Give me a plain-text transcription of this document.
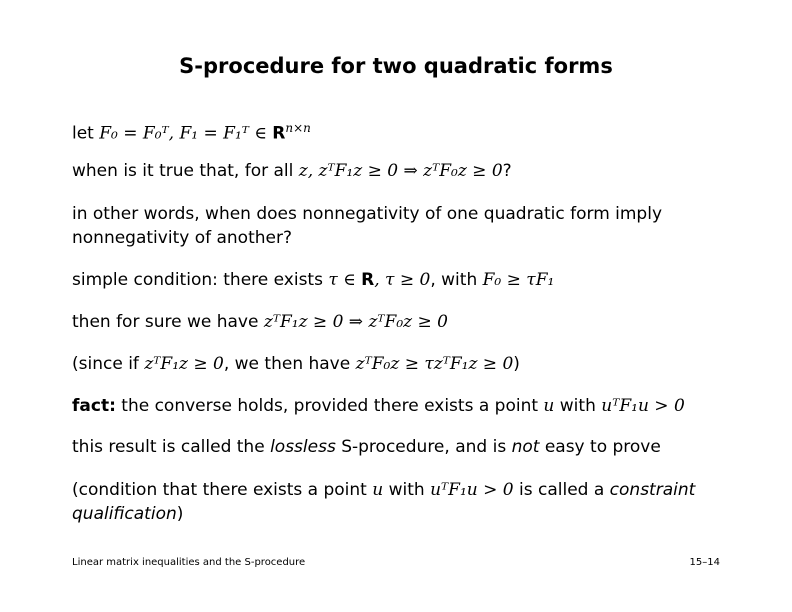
S-procedure for two quadratic forms
let F₀ = F₀ᵀ, F₁ = F₁ᵀ ∈ $R^{n\times n}$
when is it true that, for all z, zᵀF₁z ≥ 0 ⇒ zᵀF₀z ≥ 0?
in other words, when does nonnegativity of one quadratic form imply nonnegativity of another?
simple condition: there exists τ ∈ R, τ ≥ 0, with F₀ ≥ τF₁
then for sure we have zᵀF₁z ≥ 0 ⇒ zᵀF₀z ≥ 0
(since if zᵀF₁z ≥ 0, we then have zᵀF₀z ≥ τzᵀF₁z ≥ 0)
fact: the converse holds, provided there exists a point u with uᵀF₁u > 0
this result is called the lossless S-procedure, and is not easy to prove
(condition that there exists a point u with uᵀF₁u > 0 is called a constraint qualification)
Linear matrix inequalities and the S-procedure	15–14
